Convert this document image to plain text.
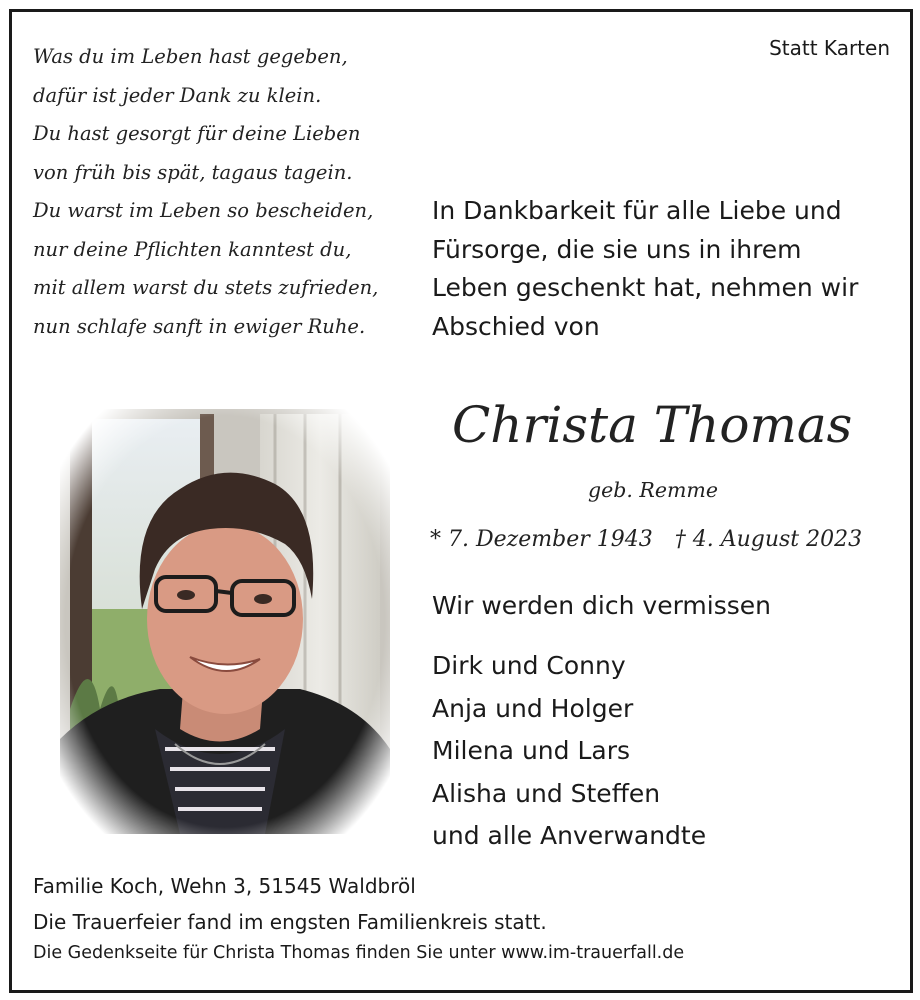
Statt Karten
Was du im Leben hast gegeben,
dafür ist jeder Dank zu klein.
Du hast gesorgt für deine Lieben
von früh bis spät, tagaus tagein.
Du warst im Leben so bescheiden,
nur deine Pflichten kanntest du,
mit allem warst du stets zufrieden,
nun schlafe sanft in ewiger Ruhe.
In Dankbarkeit für alle Liebe und
Fürsorge, die sie uns in ihrem
Leben geschenkt hat, nehmen wir
Abschied von
Christa Thomas
geb. Remme
* 7. Dezember 1943 † 4. August 2023
Wir werden dich vermissen
Dirk und Conny
Anja und Holger
Milena und Lars
Alisha und Steffen
und alle Anverwandte
Familie Koch, Wehn 3, 51545 Waldbröl
Die Trauerfeier fand im engsten Familienkreis statt.
Die Gedenkseite für Christa Thomas finden Sie unter www.im-trauerfall.de
